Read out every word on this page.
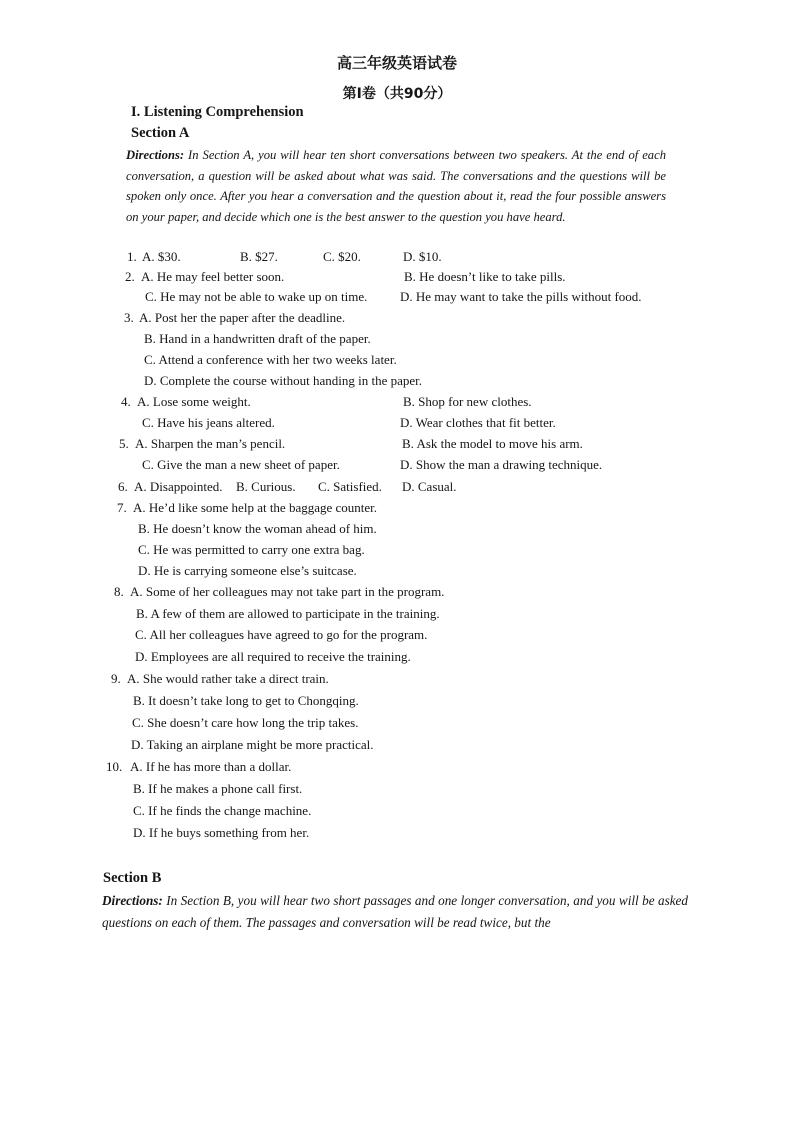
高三年级英语试卷
第I卷（共90分）
I. Listening Comprehension
Section A
Directions: In Section A, you will hear ten short conversations between two speakers. At the end of each conversation, a question will be asked about what was said. The conversations and the questions will be spoken only once. After you hear a conversation and the question about it, read the four possible answers on your paper, and decide which one is the best answer to the question you have heard.
1. A. $30.	B. $27.	C. $20.	D. $10.
2. A. He may feel better soon.	B. He doesn’t like to take pills.
C. He may not be able to wake up on time.	D. He may want to take the pills without food.
3. A. Post her the paper after the deadline.
B. Hand in a handwritten draft of the paper.
C. Attend a conference with her two weeks later.
D. Complete the course without handing in the paper.
4. A. Lose some weight.	B. Shop for new clothes.
C. Have his jeans altered.	D. Wear clothes that fit better.
5. A. Sharpen the man’s pencil.	B. Ask the model to move his arm.
C. Give the man a new sheet of paper.	D. Show the man a drawing technique.
6. A. Disappointed. B. Curious. C. Satisfied. D. Casual.
7. A. He’d like some help at the baggage counter.
B. He doesn’t know the woman ahead of him.
C. He was permitted to carry one extra bag.
D. He is carrying someone else’s suitcase.
8. A. Some of her colleagues may not take part in the program.
B. A few of them are allowed to participate in the training.
C. All her colleagues have agreed to go for the program.
D. Employees are all required to receive the training.
9. A. She would rather take a direct train.
B. It doesn’t take long to get to Chongqing.
C. She doesn’t care how long the trip takes.
D. Taking an airplane might be more practical.
10. A. If he has more than a dollar.
B. If he makes a phone call first.
C. If he finds the change machine.
D. If he buys something from her.
Section B
Directions: In Section B, you will hear two short passages and one longer conversation, and you will be asked questions on each of them. The passages and conversation will be read twice, but the
